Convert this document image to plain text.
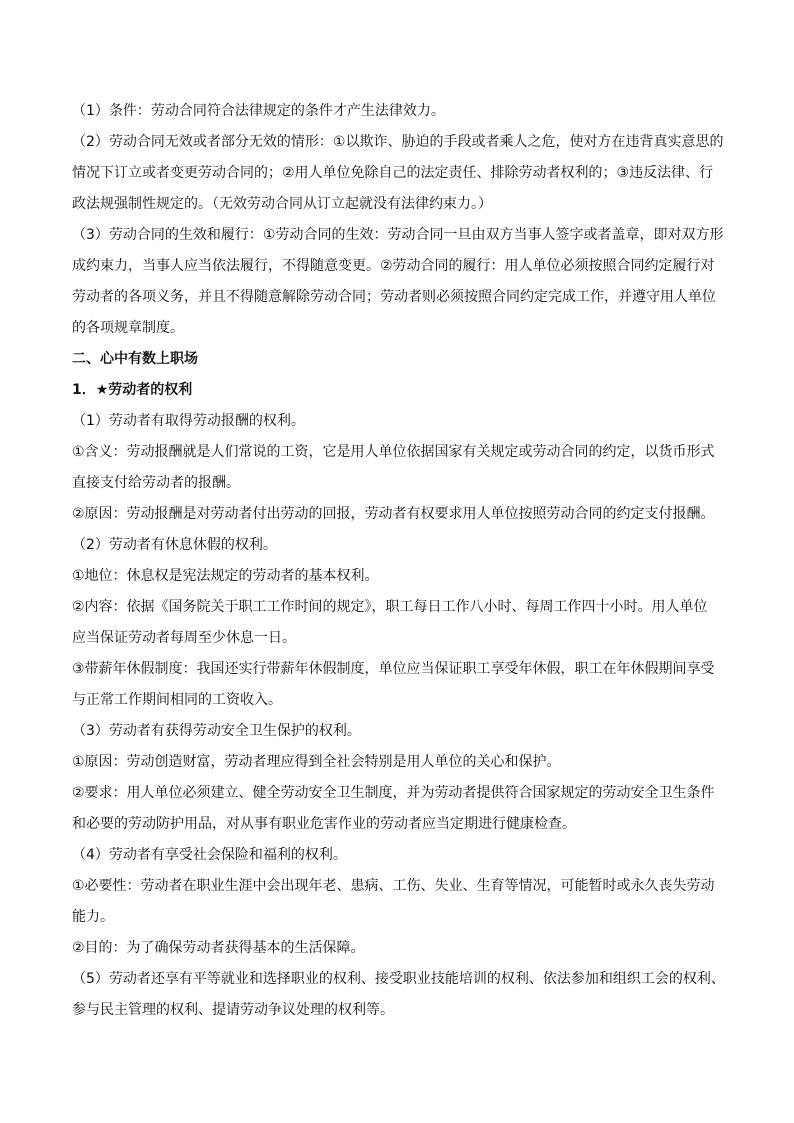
（1）条件：劳动合同符合法律规定的条件才产生法律效力。
（2）劳动合同无效或者部分无效的情形：①以欺诈、胁迫的手段或者乘人之危，使对方在违背真实意思的
情况下订立或者变更劳动合同的；②用人单位免除自己的法定责任、排除劳动者权利的；③违反法律、行
政法规强制性规定的。（无效劳动合同从订立起就没有法律约束力。）
（3）劳动合同的生效和履行：①劳动合同的生效：劳动合同一旦由双方当事人签字或者盖章，即对双方形
成约束力，当事人应当依法履行，不得随意变更。②劳动合同的履行：用人单位必须按照合同约定履行对
劳动者的各项义务，并且不得随意解除劳动合同；劳动者则必须按照合同约定完成工作，并遵守用人单位
的各项规章制度。
二、心中有数上职场
1．★劳动者的权利
（1）劳动者有取得劳动报酬的权利。
①含义：劳动报酬就是人们常说的工资，它是用人单位依据国家有关规定或劳动合同的约定，以货币形式
直接支付给劳动者的报酬。
②原因：劳动报酬是对劳动者付出劳动的回报，劳动者有权要求用人单位按照劳动合同的约定支付报酬。
（2）劳动者有休息休假的权利。
①地位：休息权是宪法规定的劳动者的基本权利。
②内容：依据《国务院关于职工工作时间的规定》，职工每日工作八小时、每周工作四十小时。用人单位
应当保证劳动者每周至少休息一日。
③带薪年休假制度：我国还实行带薪年休假制度，单位应当保证职工享受年休假，职工在年休假期间享受
与正常工作期间相同的工资收入。
（3）劳动者有获得劳动安全卫生保护的权利。
①原因：劳动创造财富，劳动者理应得到全社会特别是用人单位的关心和保护。
②要求：用人单位必须建立、健全劳动安全卫生制度，并为劳动者提供符合国家规定的劳动安全卫生条件
和必要的劳动防护用品，对从事有职业危害作业的劳动者应当定期进行健康检查。
（4）劳动者有享受社会保险和福利的权利。
①必要性：劳动者在职业生涯中会出现年老、患病、工伤、失业、生育等情况，可能暂时或永久丧失劳动
能力。
②目的：为了确保劳动者获得基本的生活保障。
（5）劳动者还享有平等就业和选择职业的权利、接受职业技能培训的权利、依法参加和组织工会的权利、
参与民主管理的权利、提请劳动争议处理的权利等。
